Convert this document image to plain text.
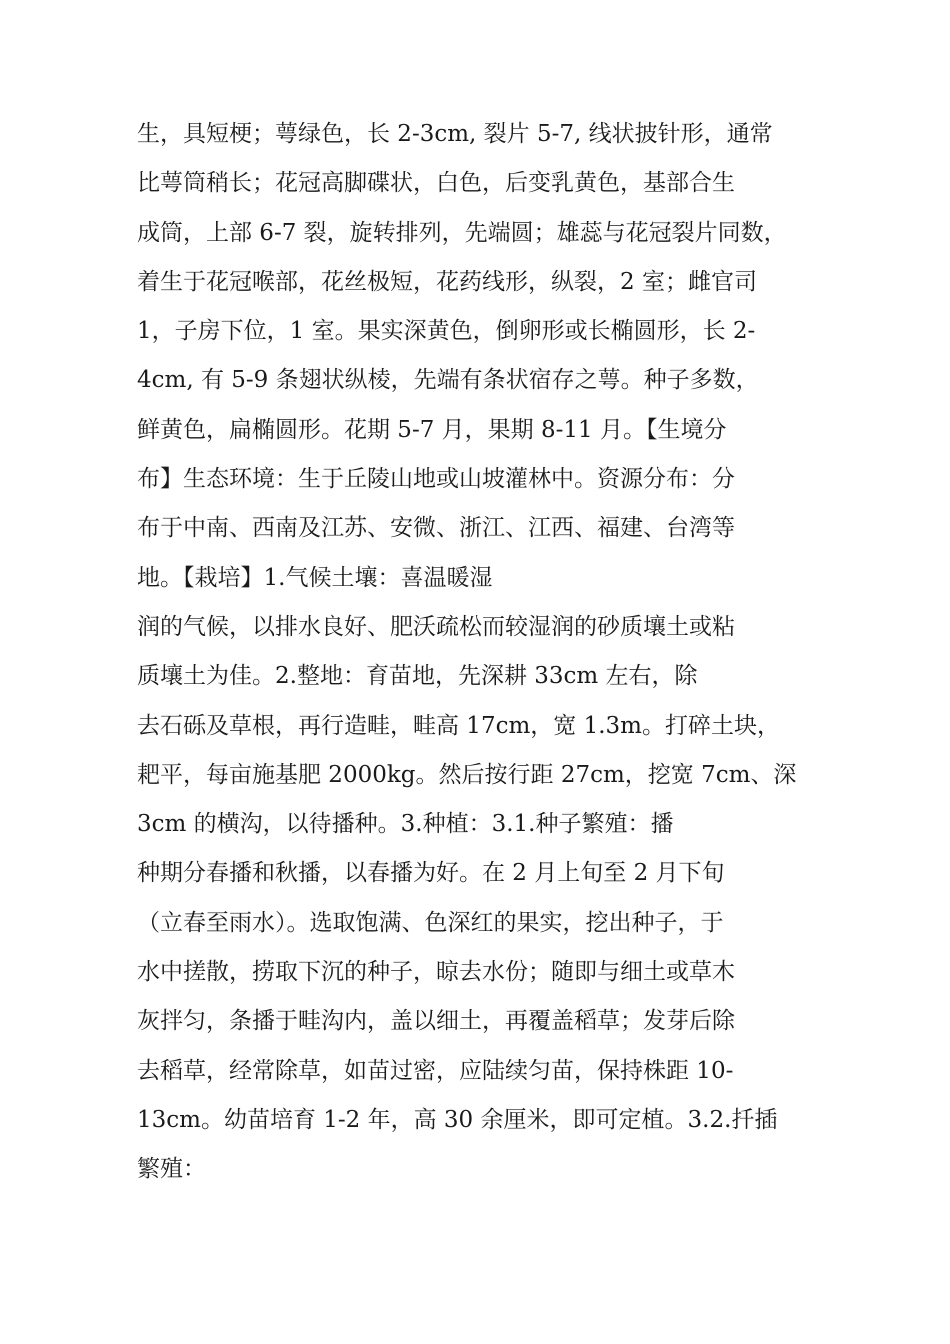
生，具短梗；萼绿色，长 2-3cm, 裂片 5-7, 线状披针形，通常
比萼筒稍长；花冠高脚碟状，白色，后变乳黄色，基部合生
成筒，上部 6-7 裂，旋转排列，先端圆；雄蕊与花冠裂片同数，
着生于花冠喉部，花丝极短，花药线形，纵裂，2 室；雌官司
1，子房下位，1 室。果实深黄色，倒卵形或长椭圆形，长 2-
4cm, 有 5-9 条翅状纵棱，先端有条状宿存之萼。种子多数，
鲜黄色，扁椭圆形。花期 5-7 月，果期 8-11 月。【生境分
布】生态环境：生于丘陵山地或山坡灌林中。资源分布：分
布于中南、西南及江苏、安微、浙江、江西、福建、台湾等
地。【栽培】1.气候土壤：喜温暖湿
润的气候，以排水良好、肥沃疏松而较湿润的砂质壤土或粘
质壤土为佳。2.整地：育苗地，先深耕 33cm 左右，除
去石砾及草根，再行造畦，畦高 17cm，宽 1.3m。打碎土块，
耙平，每亩施基肥 2000kg。然后按行距 27cm，挖宽 7cm、深
3cm 的横沟，以待播种。3.种植：3.1.种子繁殖：播
种期分春播和秋播，以春播为好。在 2 月上旬至 2 月下旬
（立春至雨水）。选取饱满、色深红的果实，挖出种子，于
水中搓散，捞取下沉的种子，晾去水份；随即与细土或草木
灰拌匀，条播于畦沟内，盖以细土，再覆盖稻草；发芽后除
去稻草，经常除草，如苗过密，应陆续匀苗，保持株距 10-
13cm。幼苗培育 1-2 年，高 30 余厘米，即可定植。3.2.扦插
繁殖：
